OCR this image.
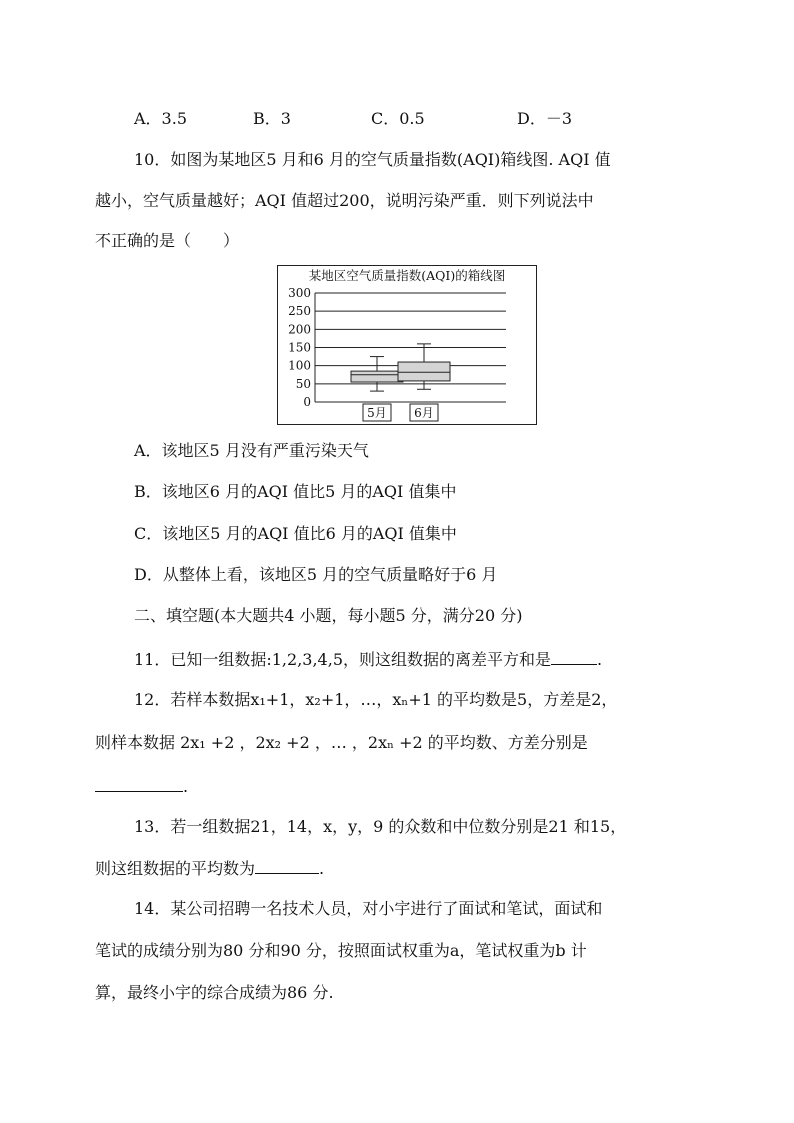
A．3.5	B．3	C．0.5	D．－3
10．如图为某地区5 月和6 月的空气质量指数(AQI)箱线图. AQI 值
越小，空气质量越好；AQI 值超过200，说明污染严重．则下列说法中
不正确的是（　　）
某地区空气质量指数(AQI)的箱线图
0
50
100
150
200
250
300
5月 6月
A．该地区5 月没有严重污染天气
B．该地区6 月的AQI 值比5 月的AQI 值集中
C．该地区5 月的AQI 值比6 月的AQI 值集中
D．从整体上看，该地区5 月的空气质量略好于6 月
二、填空题(本大题共4 小题，每小题5 分，满分20 分)
11．已知一组数据:1,2,3,4,5，则这组数据的离差平方和是	.
12．若样本数据x₁+1，x₂+1，…，xₙ+1 的平均数是5，方差是2，
则样本数据 2x₁ +2 ，2x₂ +2 ，… ，2xₙ +2 的平均数、方差分别是
.
13．若一组数据21，14，x，y，9 的众数和中位数分别是21 和15，
则这组数据的平均数为	.
14．某公司招聘一名技术人员，对小宇进行了面试和笔试，面试和
笔试的成绩分别为80 分和90 分，按照面试权重为a，笔试权重为b 计
算，最终小宇的综合成绩为86 分.
